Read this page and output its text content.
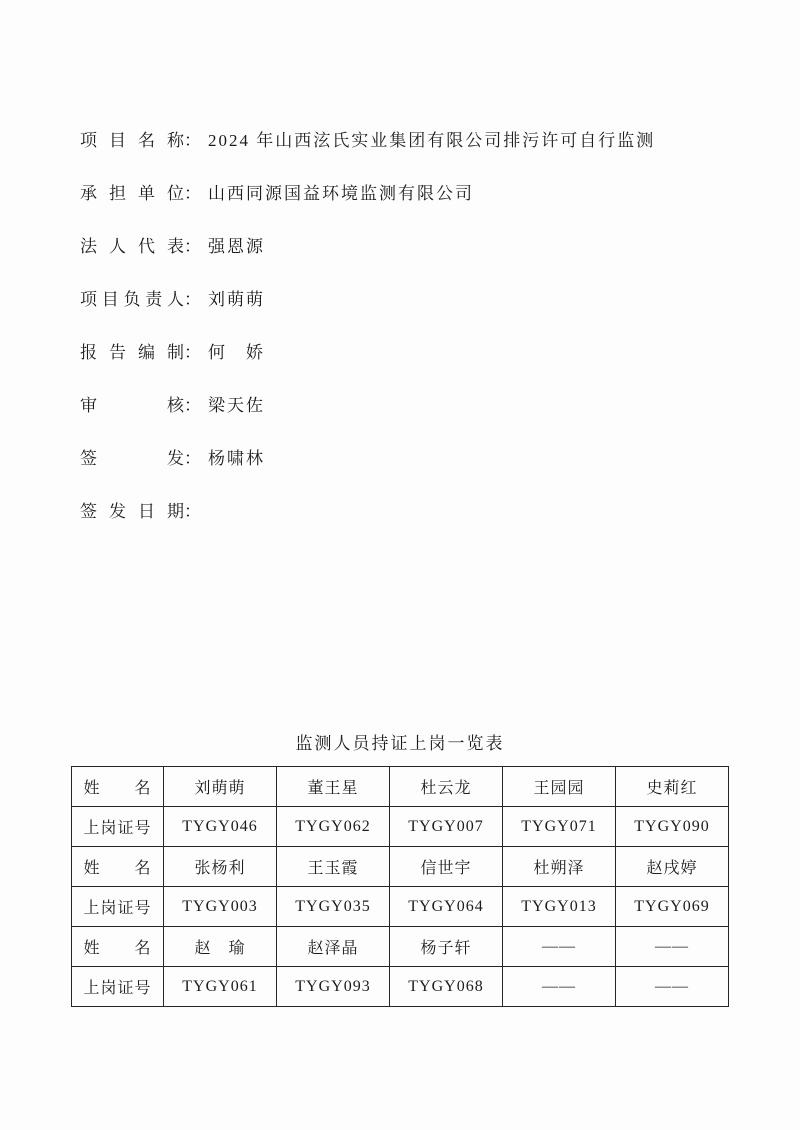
项 目 名 称： 2024 年山西泫氏实业集团有限公司排污许可自行监测
承 担 单 位： 山西同源国益环境监测有限公司
法 人 代 表： 强恩源
项目负责人： 刘萌萌
报 告 编 制： 何　娇
审　　核： 梁天佐
签　　发： 杨啸林
签 发 日 期：
监测人员持证上岗一览表
姓　　名	刘萌萌	董王星	杜云龙	王园园	史莉红
上岗证号	TYGY046	TYGY062	TYGY007	TYGY071	TYGY090
姓　　名	张杨利	王玉霞	信世宇	杜朔泽	赵戌婷
上岗证号	TYGY003	TYGY035	TYGY064	TYGY013	TYGY069
姓　　名	赵　瑜	赵泽晶	杨子轩	——	——
上岗证号	TYGY061	TYGY093	TYGY068	——	——
